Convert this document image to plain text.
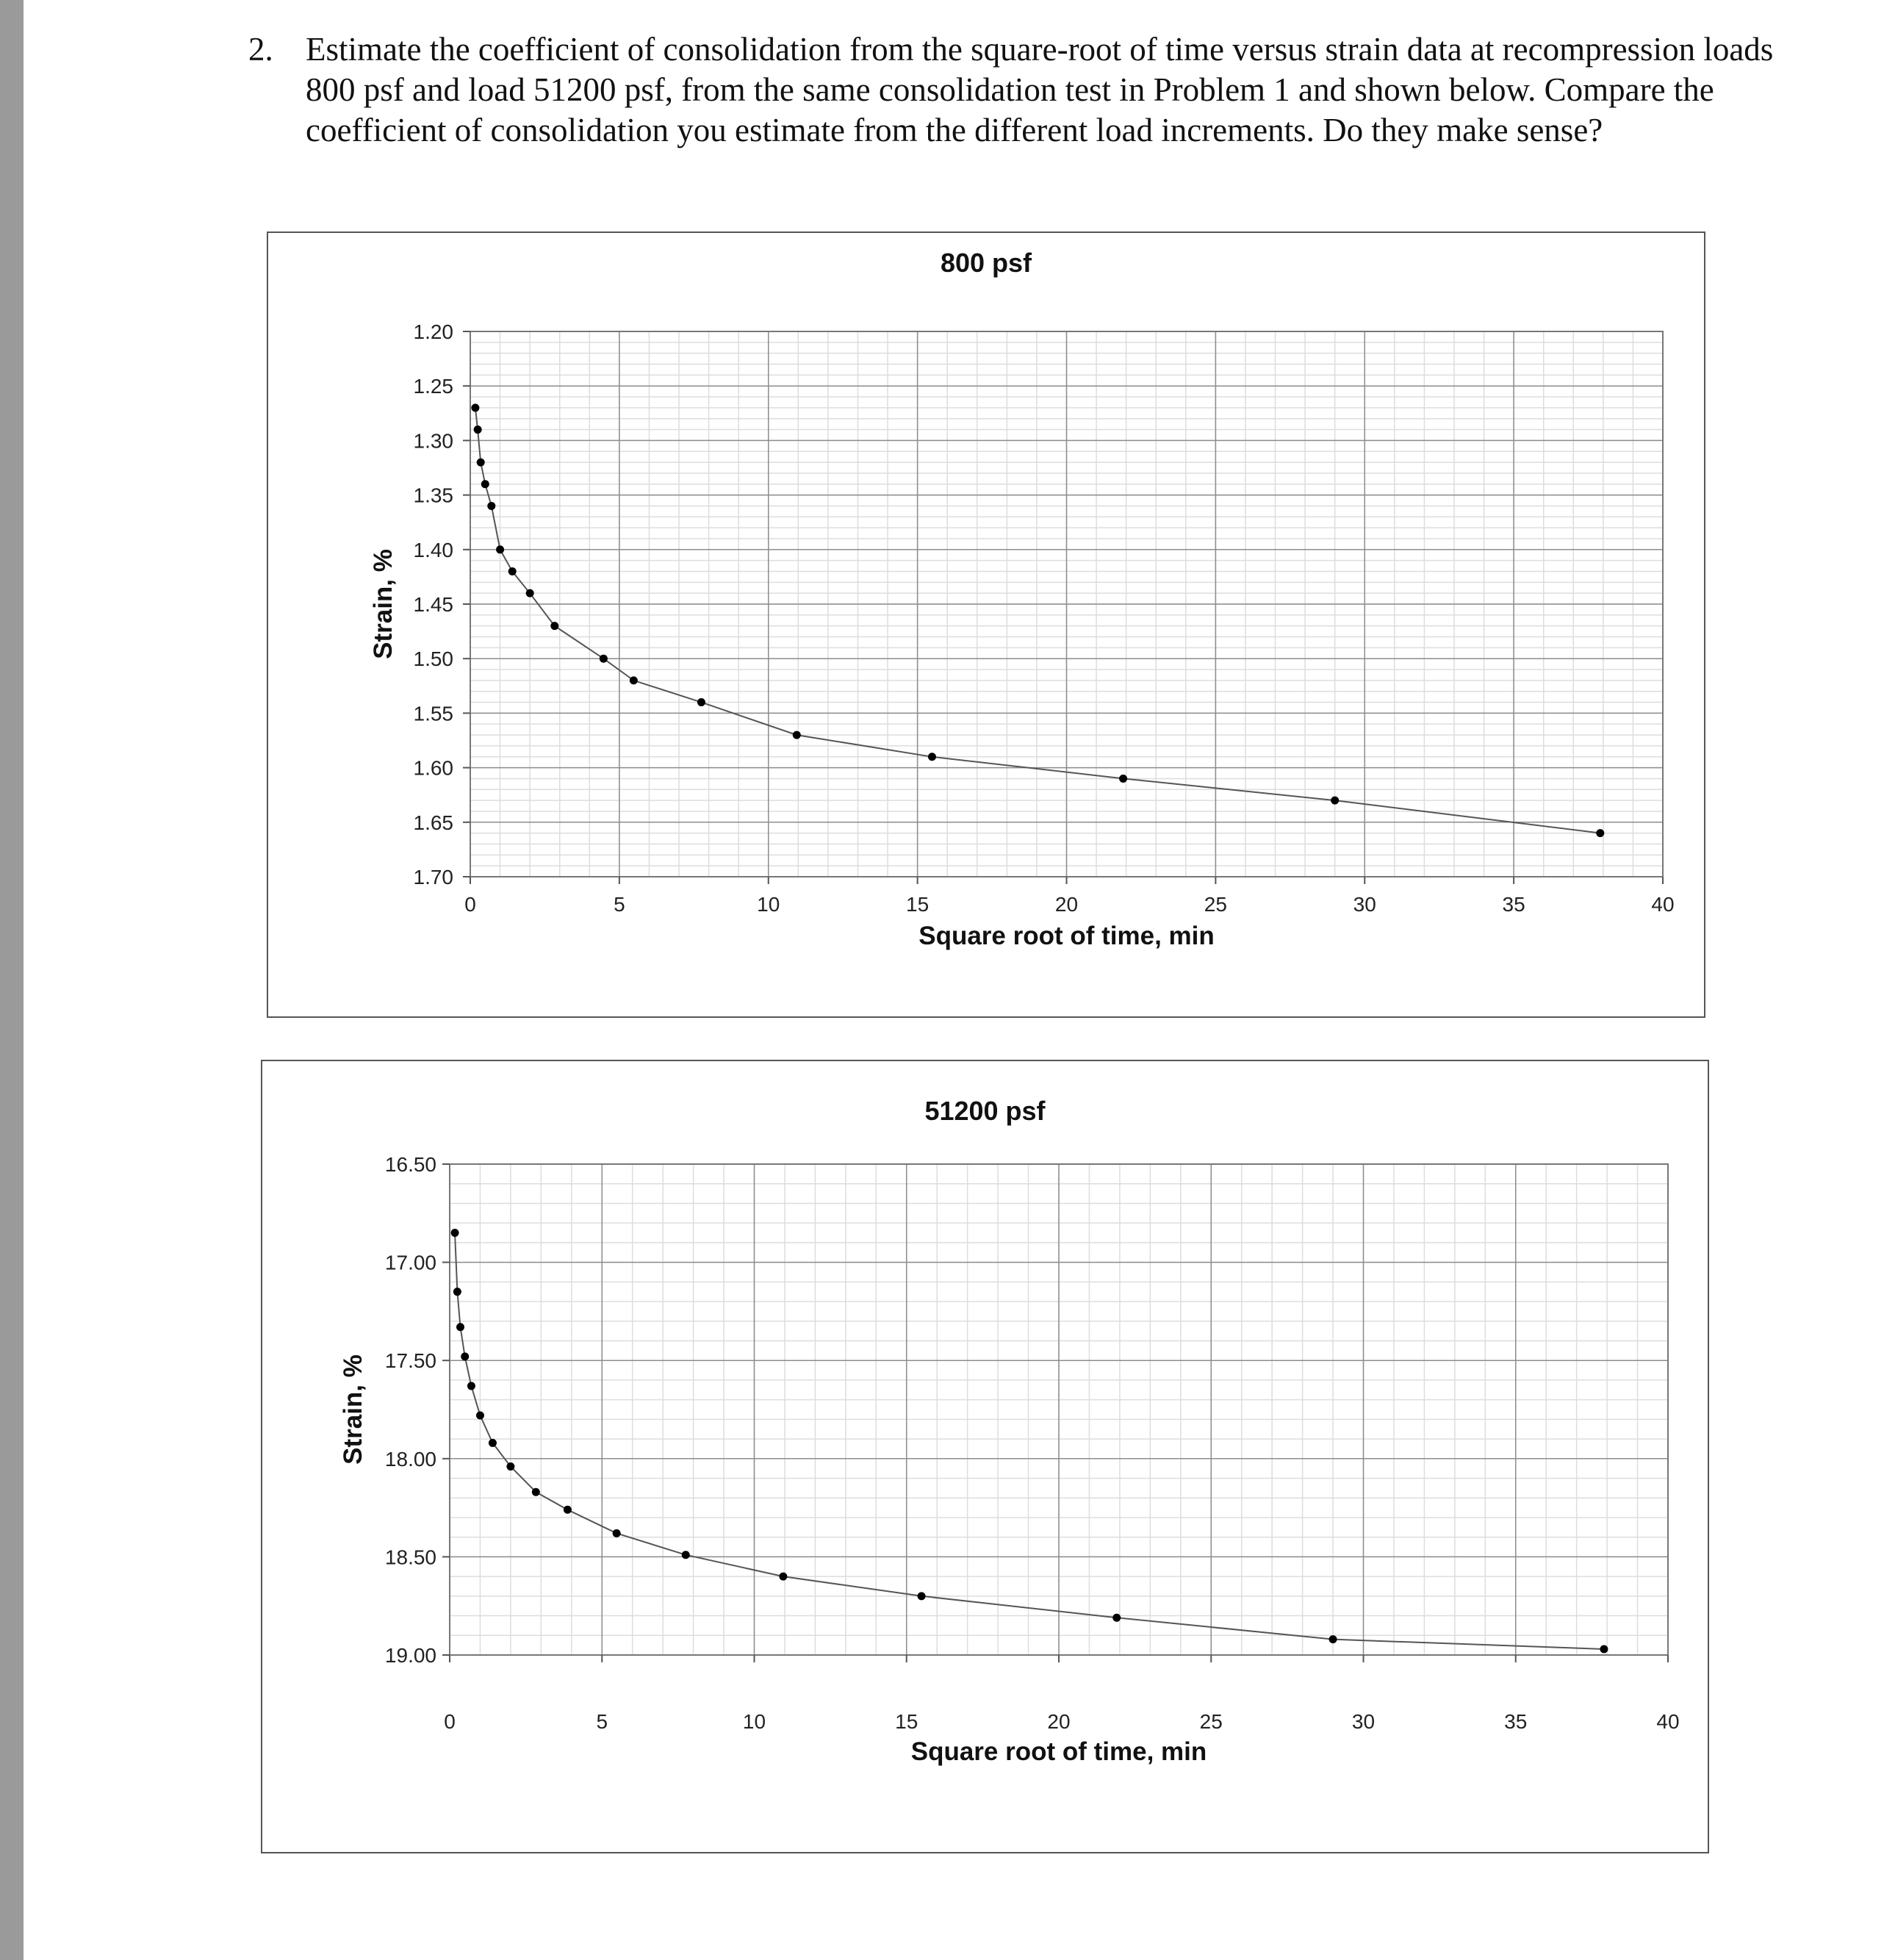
2. Estimate the coefficient of consolidation from the square-root of time versus strain data at recompression loads 800 psf and load 51200 psf, from the same consolidation test in Problem 1 and shown below. Compare the coefficient of consolidation you estimate from the different load increments. Do they make sense?
0	5	10	15	20	25	30	35	40
1.20
1.25
1.30
1.35
1.40
1.45
1.50
1.55
1.60
1.65
1.70
800 psf
Square root of time, min
Strain, %
0	5	10	15	20	25	30	35	40
16.50
17.00
17.50
18.00
18.50
19.00
51200 psf
Square root of time, min
Strain, %
